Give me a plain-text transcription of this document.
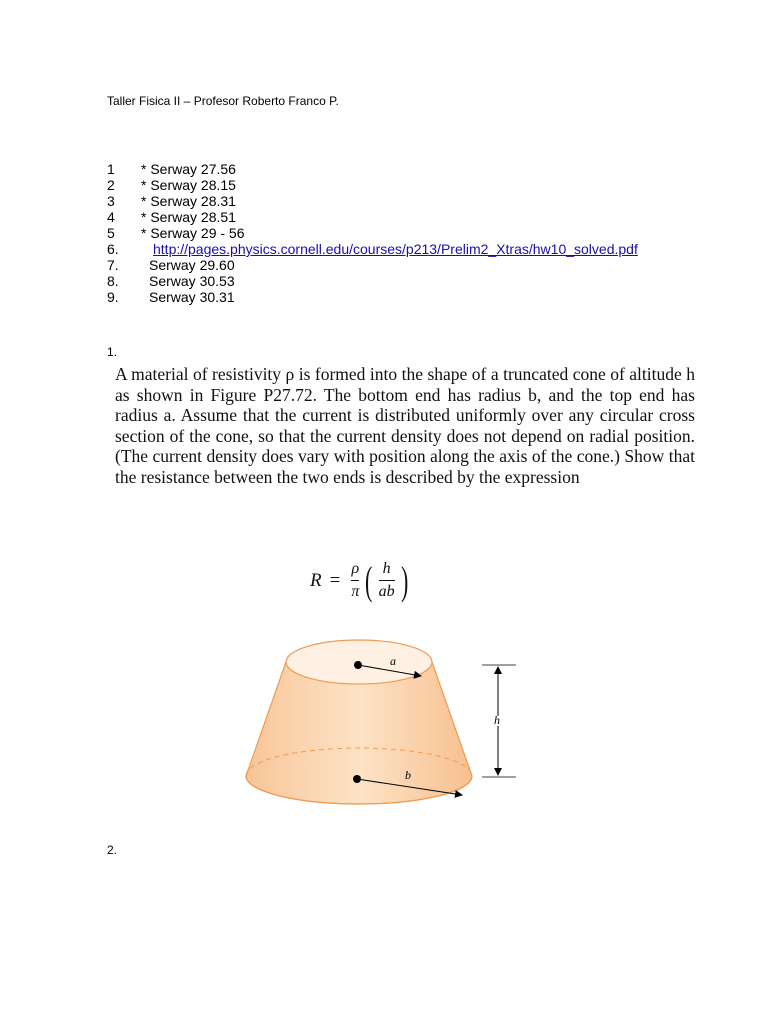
Taller Fisica II – Profesor Roberto Franco P.
1	* Serway 27.56
2	* Serway 28.15
3	* Serway 28.31
4	* Serway 28.51
5	* Serway 29 - 56
6.	http://pages.physics.cornell.edu/courses/p213/Prelim2_Xtras/hw10_solved.pdf
7.	Serway 29.60
8.	Serway 30.53
9.	Serway 30.31
1.
A material of resistivity ρ is formed into the shape of a truncated cone of altitude h as shown in Figure P27.72. The bottom end has radius b, and the top end has radius a. Assume that the current is distributed uniformly over any circular cross section of the cone, so that the current density does not depend on radial position. (The current density does vary with position along the axis of the cone.) Show that the resistance between the two ends is described by the expression
$R = \frac{\rho}{\pi}$ ( $\frac{h}{ab}$ )
a
b
h
2.
